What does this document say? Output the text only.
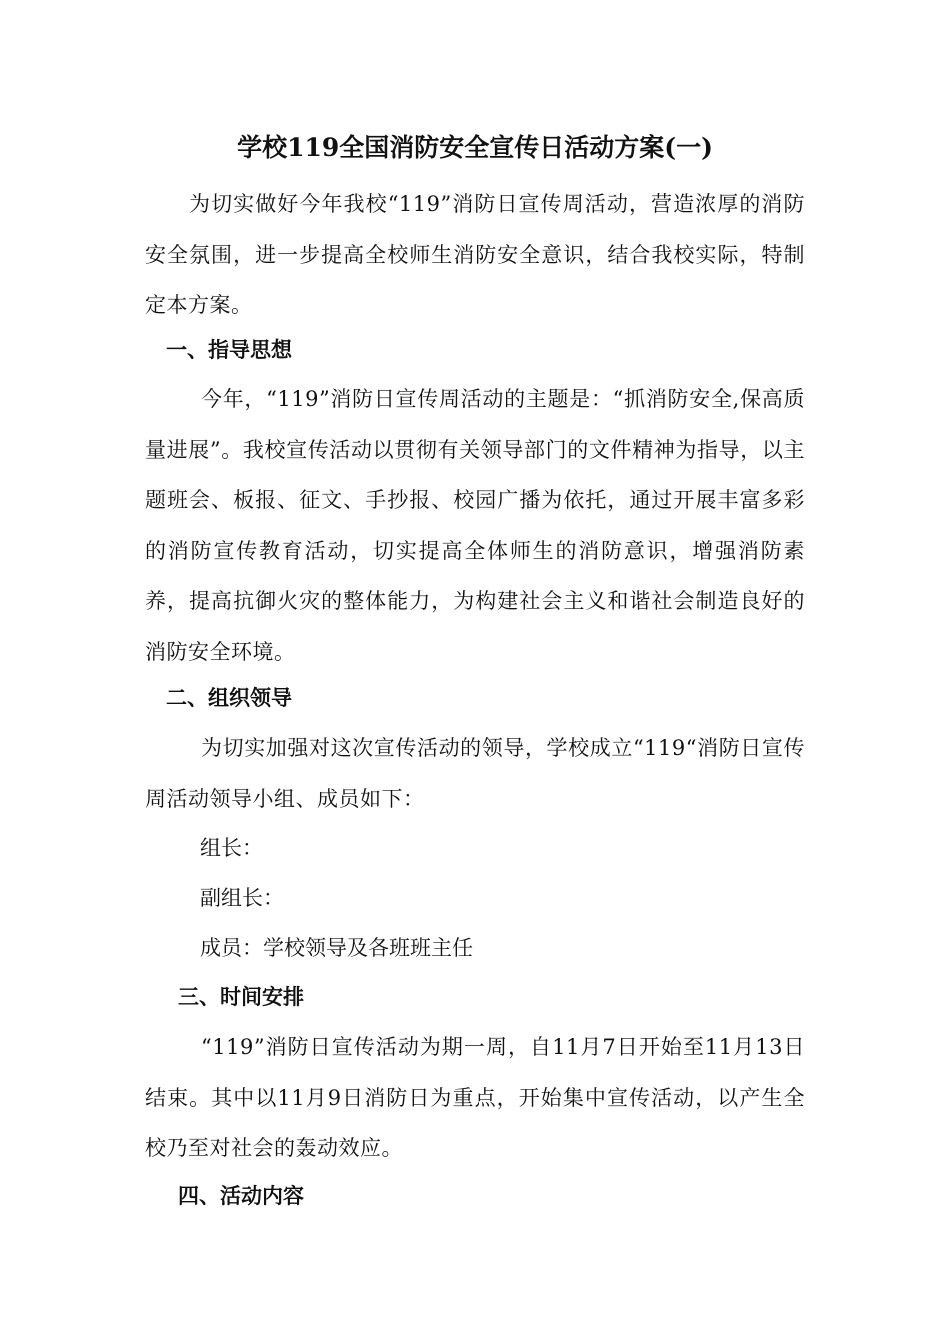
学校119全国消防安全宣传日活动方案(一)

为切实做好今年我校“119”消防日宣传周活动，营造浓厚的消防安全氛围，进一步提高全校师生消防安全意识，结合我校实际，特制定本方案。

一、指导思想

今年，“119”消防日宣传周活动的主题是：“抓消防安全,保高质量进展”。我校宣传活动以贯彻有关领导部门的文件精神为指导，以主题班会、板报、征文、手抄报、校园广播为依托，通过开展丰富多彩的消防宣传教育活动，切实提高全体师生的消防意识，增强消防素养，提高抗御火灾的整体能力，为构建社会主义和谐社会制造良好的消防安全环境。

二、组织领导

为切实加强对这次宣传活动的领导，学校成立“119“消防日宣传周活动领导小组、成员如下：

组长：
副组长：
成员：学校领导及各班班主任
三、时间安排

“119”消防日宣传活动为期一周，自11月7日开始至11月13日结束。其中以11月9日消防日为重点，开始集中宣传活动，以产生全校乃至对社会的轰动效应。

四、活动内容
